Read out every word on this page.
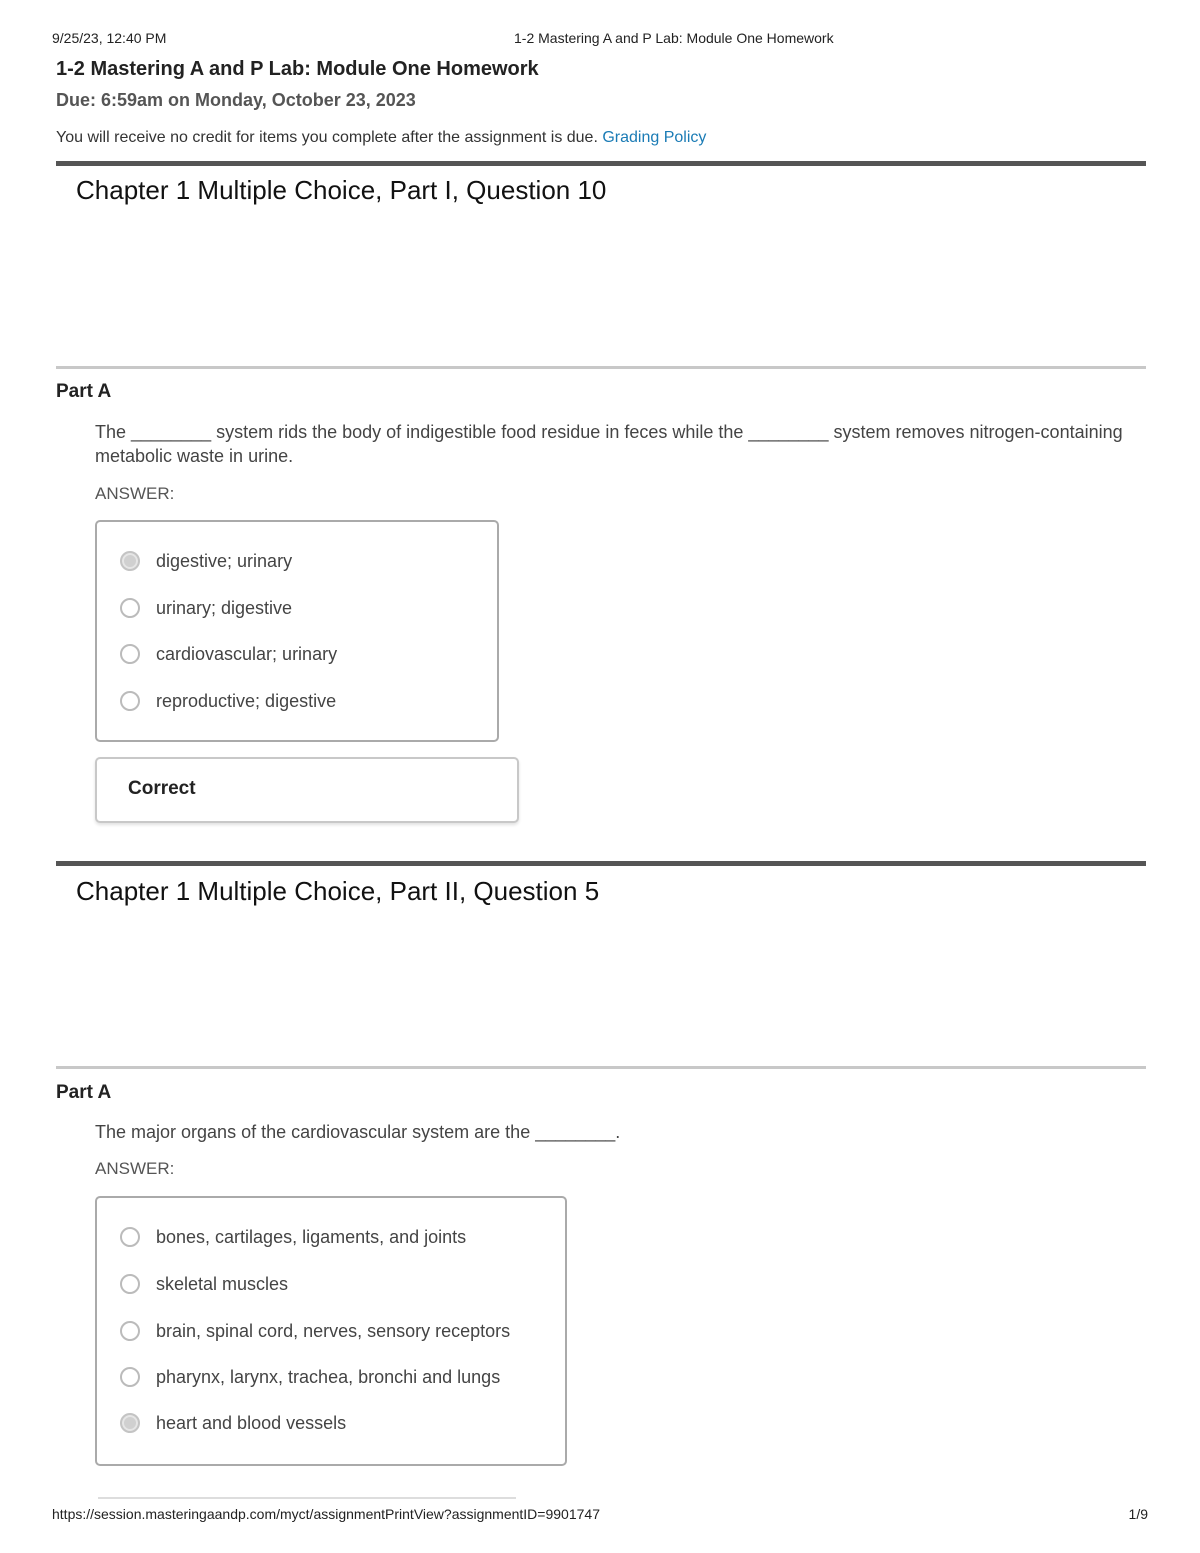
9/25/23, 12:40 PM	1-2 Mastering A and P Lab: Module One Homework
1-2 Mastering A and P Lab: Module One Homework
Due: 6:59am on Monday, October 23, 2023
You will receive no credit for items you complete after the assignment is due. Grading Policy
Chapter 1 Multiple Choice, Part I, Question 10
Part A
The ________ system rids the body of indigestible food residue in feces while the ________ system removes nitrogen-containing metabolic waste in urine.
ANSWER:
digestive; urinary
urinary; digestive
cardiovascular; urinary
reproductive; digestive
Correct
Chapter 1 Multiple Choice, Part II, Question 5
Part A
The major organs of the cardiovascular system are the ________.
ANSWER:
bones, cartilages, ligaments, and joints
skeletal muscles
brain, spinal cord, nerves, sensory receptors
pharynx, larynx, trachea, bronchi and lungs
heart and blood vessels
https://session.masteringaandp.com/myct/assignmentPrintView?assignmentID=9901747	1/9
